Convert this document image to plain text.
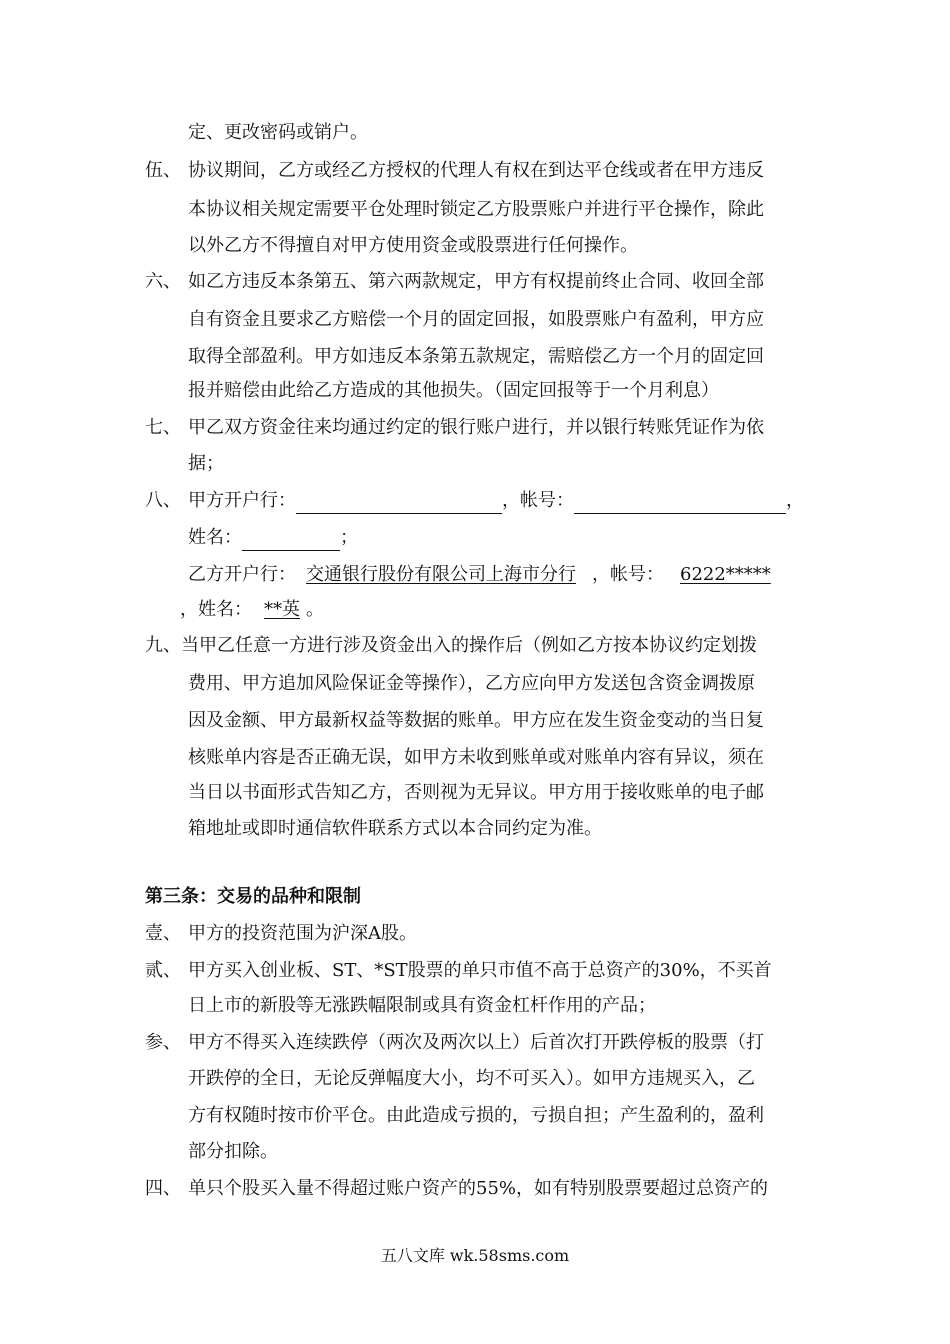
定、更改密码或销户。
伍、 协议期间，乙方或经乙方授权的代理人有权在到达平仓线或者在甲方违反
本协议相关规定需要平仓处理时锁定乙方股票账户并进行平仓操作，除此
以外乙方不得擅自对甲方使用资金或股票进行任何操作。
六、 如乙方违反本条第五、第六两款规定，甲方有权提前终止合同、收回全部
自有资金且要求乙方赔偿一个月的固定回报，如股票账户有盈利，甲方应
取得全部盈利。甲方如违反本条第五款规定，需赔偿乙方一个月的固定回
报并赔偿由此给乙方造成的其他损失。（固定回报等于一个月利息）
七、 甲乙双方资金往来均通过约定的银行账户进行，并以银行转账凭证作为依
据；
八、 甲方开户行：	，帐号：	，
姓名：	；
乙方开户行： 交通银行股份有限公司上海市分行 ，帐号： 6222*****
，姓名： **英 。
九、当甲乙任意一方进行涉及资金出入的操作后（例如乙方按本协议约定划拨
费用、甲方追加风险保证金等操作），乙方应向甲方发送包含资金调拨原
因及金额、甲方最新权益等数据的账单。甲方应在发生资金变动的当日复
核账单内容是否正确无误，如甲方未收到账单或对账单内容有异议，须在
当日以书面形式告知乙方，否则视为无异议。甲方用于接收账单的电子邮
箱地址或即时通信软件联系方式以本合同约定为准。
第三条：交易的品种和限制
壹、 甲方的投资范围为沪深A股。
贰、 甲方买入创业板、ST、*ST股票的单只市值不高于总资产的30%，不买首
日上市的新股等无涨跌幅限制或具有资金杠杆作用的产品；
参、 甲方不得买入连续跌停（两次及两次以上）后首次打开跌停板的股票（打
开跌停的全日，无论反弹幅度大小，均不可买入）。如甲方违规买入，乙
方有权随时按市价平仓。由此造成亏损的，亏损自担；产生盈利的，盈利
部分扣除。
四、 单只个股买入量不得超过账户资产的55%，如有特别股票要超过总资产的
五八文库 wk.58sms.com
